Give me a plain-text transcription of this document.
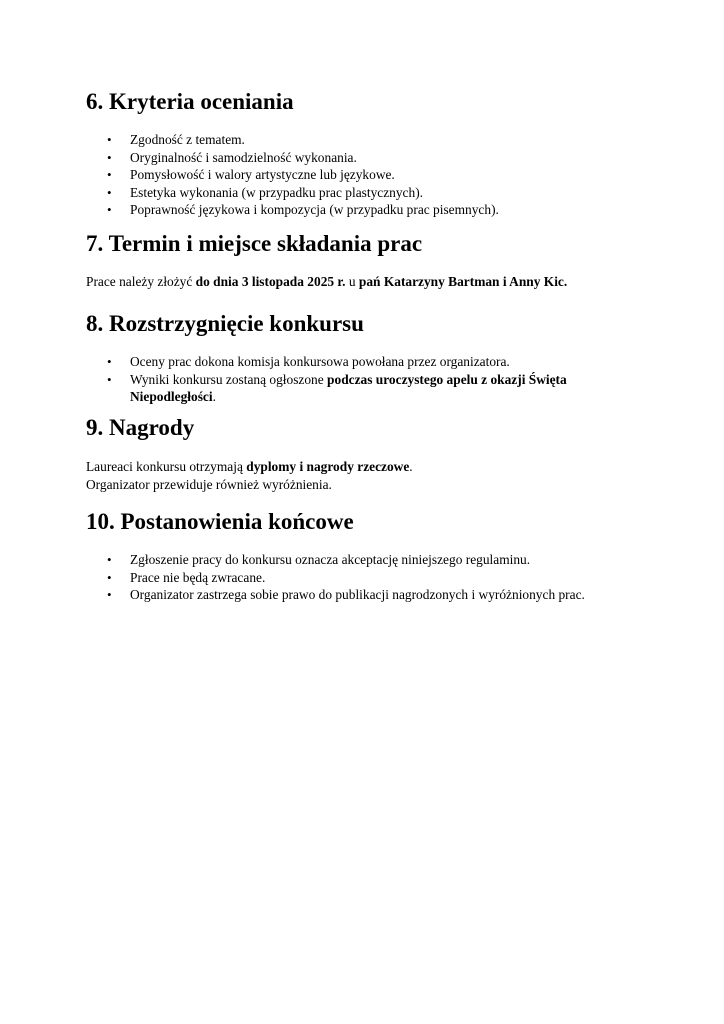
6. Kryteria oceniania
• Zgodność z tematem.
• Oryginalność i samodzielność wykonania.
• Pomysłowość i walory artystyczne lub językowe.
• Estetyka wykonania (w przypadku prac plastycznych).
• Poprawność językowa i kompozycja (w przypadku prac pisemnych).
7. Termin i miejsce składania prac

Prace należy złożyć do dnia 3 listopada 2025 r. u pań Katarzyny Bartman i Anny Kic.

8. Rozstrzygnięcie konkursu
• Oceny prac dokona komisja konkursowa powołana przez organizatora.
• Wyniki konkursu zostaną ogłoszone podczas uroczystego apelu z okazji Święta Niepodległości.
9. Nagrody

Laureaci konkursu otrzymają dyplomy i nagrody rzeczowe.

Organizator przewiduje również wyróżnienia.

10. Postanowienia końcowe
• Zgłoszenie pracy do konkursu oznacza akceptację niniejszego regulaminu.
• Prace nie będą zwracane.
• Organizator zastrzega sobie prawo do publikacji nagrodzonych i wyróżnionych prac.
